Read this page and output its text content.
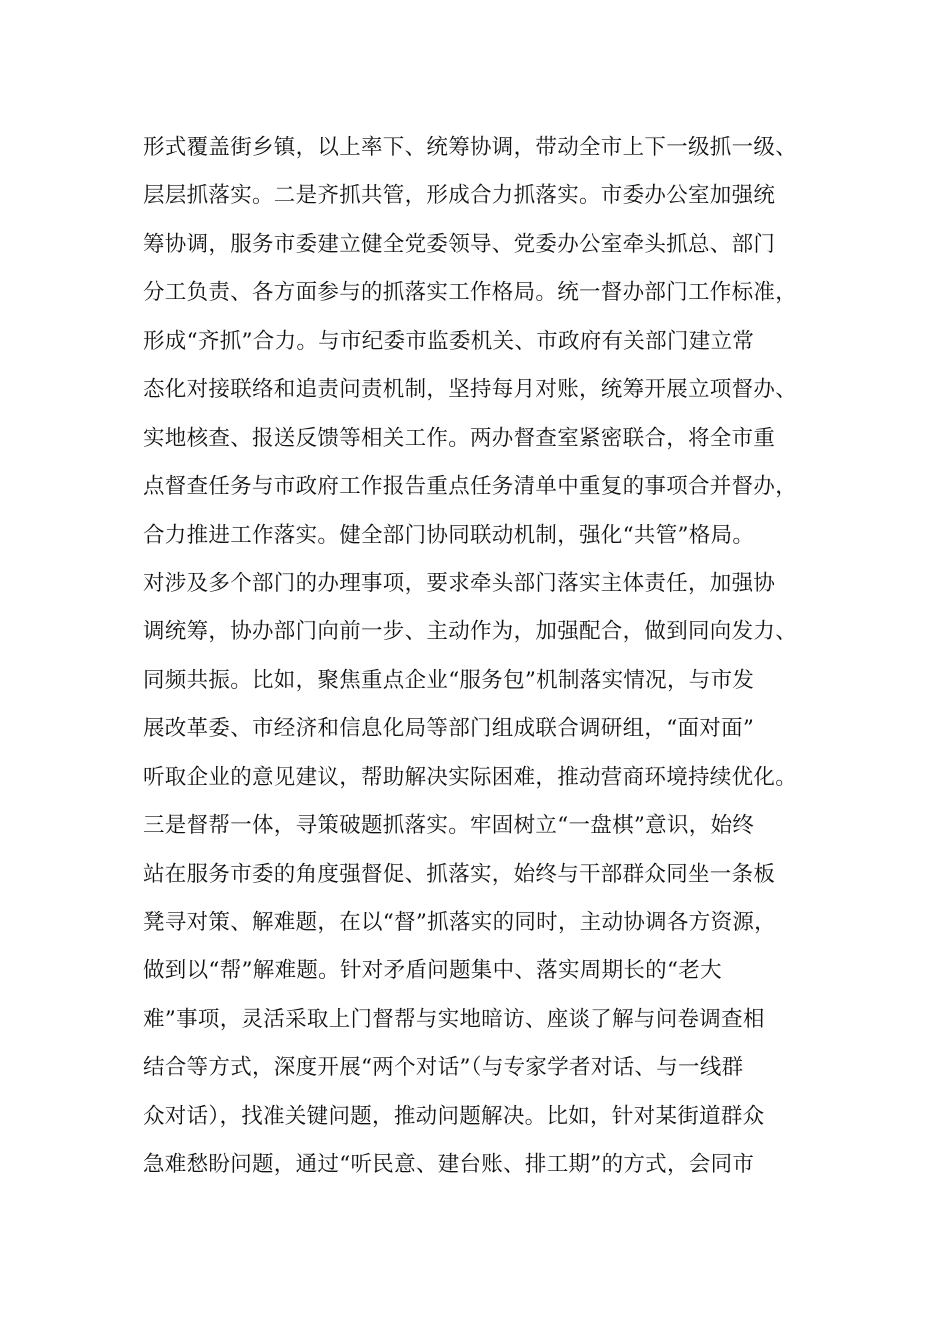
形式覆盖街乡镇，以上率下、统筹协调，带动全市上下一级抓一级、
层层抓落实。二是齐抓共管，形成合力抓落实。市委办公室加强统
筹协调，服务市委建立健全党委领导、党委办公室牵头抓总、部门
分工负责、各方面参与的抓落实工作格局。统一督办部门工作标准，
形成“齐抓”合力。与市纪委市监委机关、市政府有关部门建立常
态化对接联络和追责问责机制，坚持每月对账，统筹开展立项督办、
实地核查、报送反馈等相关工作。两办督查室紧密联合，将全市重
点督查任务与市政府工作报告重点任务清单中重复的事项合并督办，
合力推进工作落实。健全部门协同联动机制，强化“共管”格局。
对涉及多个部门的办理事项，要求牵头部门落实主体责任，加强协
调统筹，协办部门向前一步、主动作为，加强配合，做到同向发力、
同频共振。比如，聚焦重点企业“服务包”机制落实情况，与市发
展改革委、市经济和信息化局等部门组成联合调研组，“面对面”
听取企业的意见建议，帮助解决实际困难，推动营商环境持续优化。
三是督帮一体，寻策破题抓落实。牢固树立“一盘棋”意识，始终
站在服务市委的角度强督促、抓落实，始终与干部群众同坐一条板
凳寻对策、解难题，在以“督”抓落实的同时，主动协调各方资源，
做到以“帮”解难题。针对矛盾问题集中、落实周期长的“老大
难”事项，灵活采取上门督帮与实地暗访、座谈了解与问卷调查相
结合等方式，深度开展“两个对话”（与专家学者对话、与一线群
众对话），找准关键问题，推动问题解决。比如，针对某街道群众
急难愁盼问题，通过“听民意、建台账、排工期”的方式，会同市
